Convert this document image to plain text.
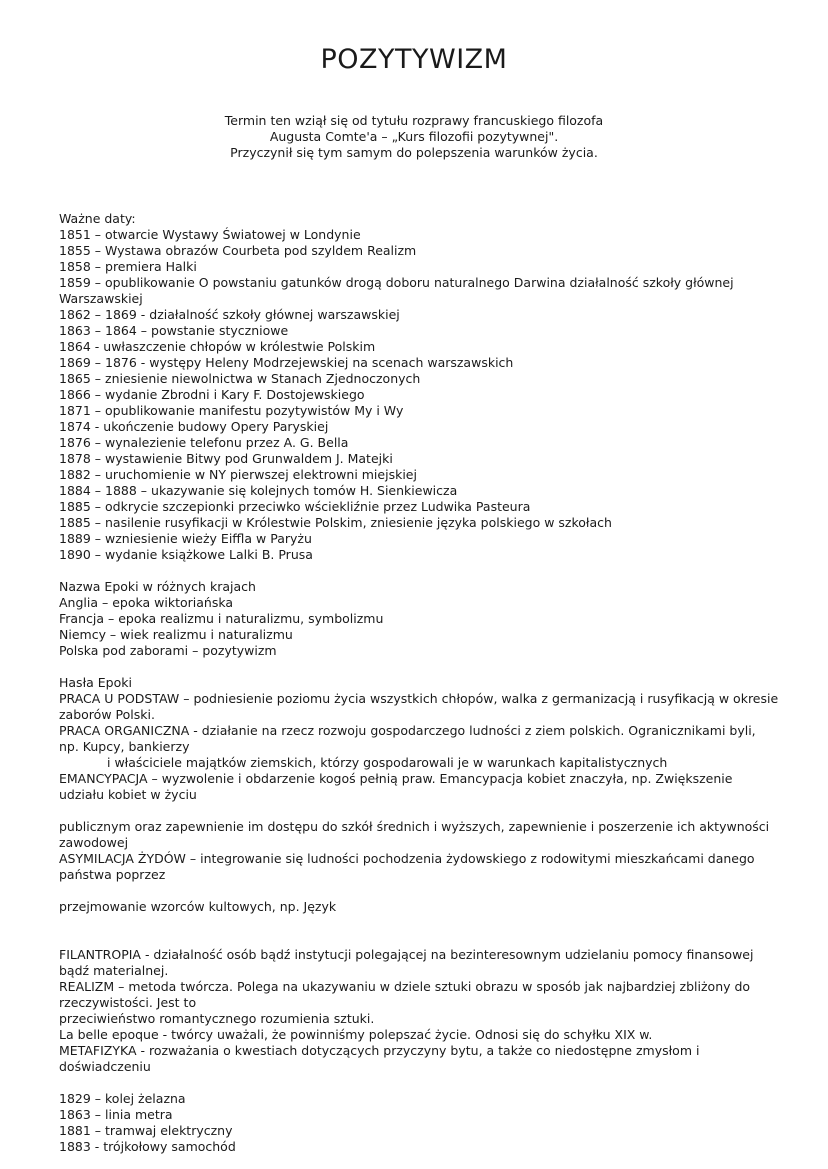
POZYTYWIZM
Termin ten wziął się od tytułu rozprawy francuskiego filozofa
Augusta Comte'a – „Kurs filozofii pozytywnej".
Przyczynił się tym samym do polepszenia warunków życia.
Ważne daty:
1851 – otwarcie Wystawy Światowej w Londynie
1855 – Wystawa obrazów Courbeta pod szyldem Realizm
1858 – premiera Halki
1859 – opublikowanie O powstaniu gatunków drogą doboru naturalnego Darwina działalność szkoły głównej Warszawskiej
1862 – 1869 - działalność szkoły głównej warszawskiej
1863 – 1864 – powstanie styczniowe
1864 - uwłaszczenie chłopów w królestwie Polskim
1869 – 1876 - występy Heleny Modrzejewskiej na scenach warszawskich
1865 – zniesienie niewolnictwa w Stanach Zjednoczonych
1866 – wydanie Zbrodni i Kary F. Dostojewskiego
1871 – opublikowanie manifestu pozytywistów My i Wy
1874 - ukończenie budowy Opery Paryskiej
1876 – wynalezienie telefonu przez A. G. Bella
1878 – wystawienie Bitwy pod Grunwaldem J. Matejki
1882 – uruchomienie w NY pierwszej elektrowni miejskiej
1884 – 1888 – ukazywanie się kolejnych tomów H. Sienkiewicza
1885 – odkrycie szczepionki przeciwko wściekliźnie przez Ludwika Pasteura
1885 – nasilenie rusyfikacji w Królestwie Polskim, zniesienie języka polskiego w szkołach
1889 – wzniesienie wieży Eiffla w Paryżu
1890 – wydanie książkowe Lalki B. Prusa
Nazwa Epoki w różnych krajach
Anglia – epoka wiktoriańska
Francja – epoka realizmu i naturalizmu, symbolizmu
Niemcy – wiek realizmu i naturalizmu
Polska pod zaborami – pozytywizm
Hasła Epoki
PRACA U PODSTAW – podniesienie poziomu życia wszystkich chłopów, walka z germanizacją i rusyfikacją w okresie zaborów Polski.
PRACA ORGANICZNA - działanie na rzecz rozwoju gospodarczego ludności z ziem polskich. Ogranicznikami byli, np. Kupcy, bankierzy
i właściciele majątków ziemskich, którzy gospodarowali je w warunkach kapitalistycznych
EMANCYPACJA – wyzwolenie i obdarzenie kogoś pełnią praw. Emancypacja kobiet znaczyła, np. Zwiększenie udziału kobiet w życiu
publicznym oraz zapewnienie im dostępu do szkół średnich i wyższych, zapewnienie i poszerzenie ich aktywności zawodowej
ASYMILACJA ŻYDÓW – integrowanie się ludności pochodzenia żydowskiego z rodowitymi mieszkańcami danego państwa poprzez
przejmowanie wzorców kultowych, np. Język
FILANTROPIA - działalność osób bądź instytucji polegającej na bezinteresownym udzielaniu pomocy finansowej bądź materialnej.
REALIZM – metoda twórcza. Polega na ukazywaniu w dziele sztuki obrazu w sposób jak najbardziej zbliżony do rzeczywistości. Jest to
przeciwieństwo romantycznego rozumienia sztuki.
La belle epoque - twórcy uważali, że powinniśmy polepszać życie. Odnosi się do schyłku XIX w.
METAFIZYKA - rozważania o kwestiach dotyczących przyczyny bytu, a także co niedostępne zmysłom i doświadczeniu
1829 – kolej żelazna
1863 – linia metra
1881 – tramwaj elektryczny
1883 - trójkołowy samochód
